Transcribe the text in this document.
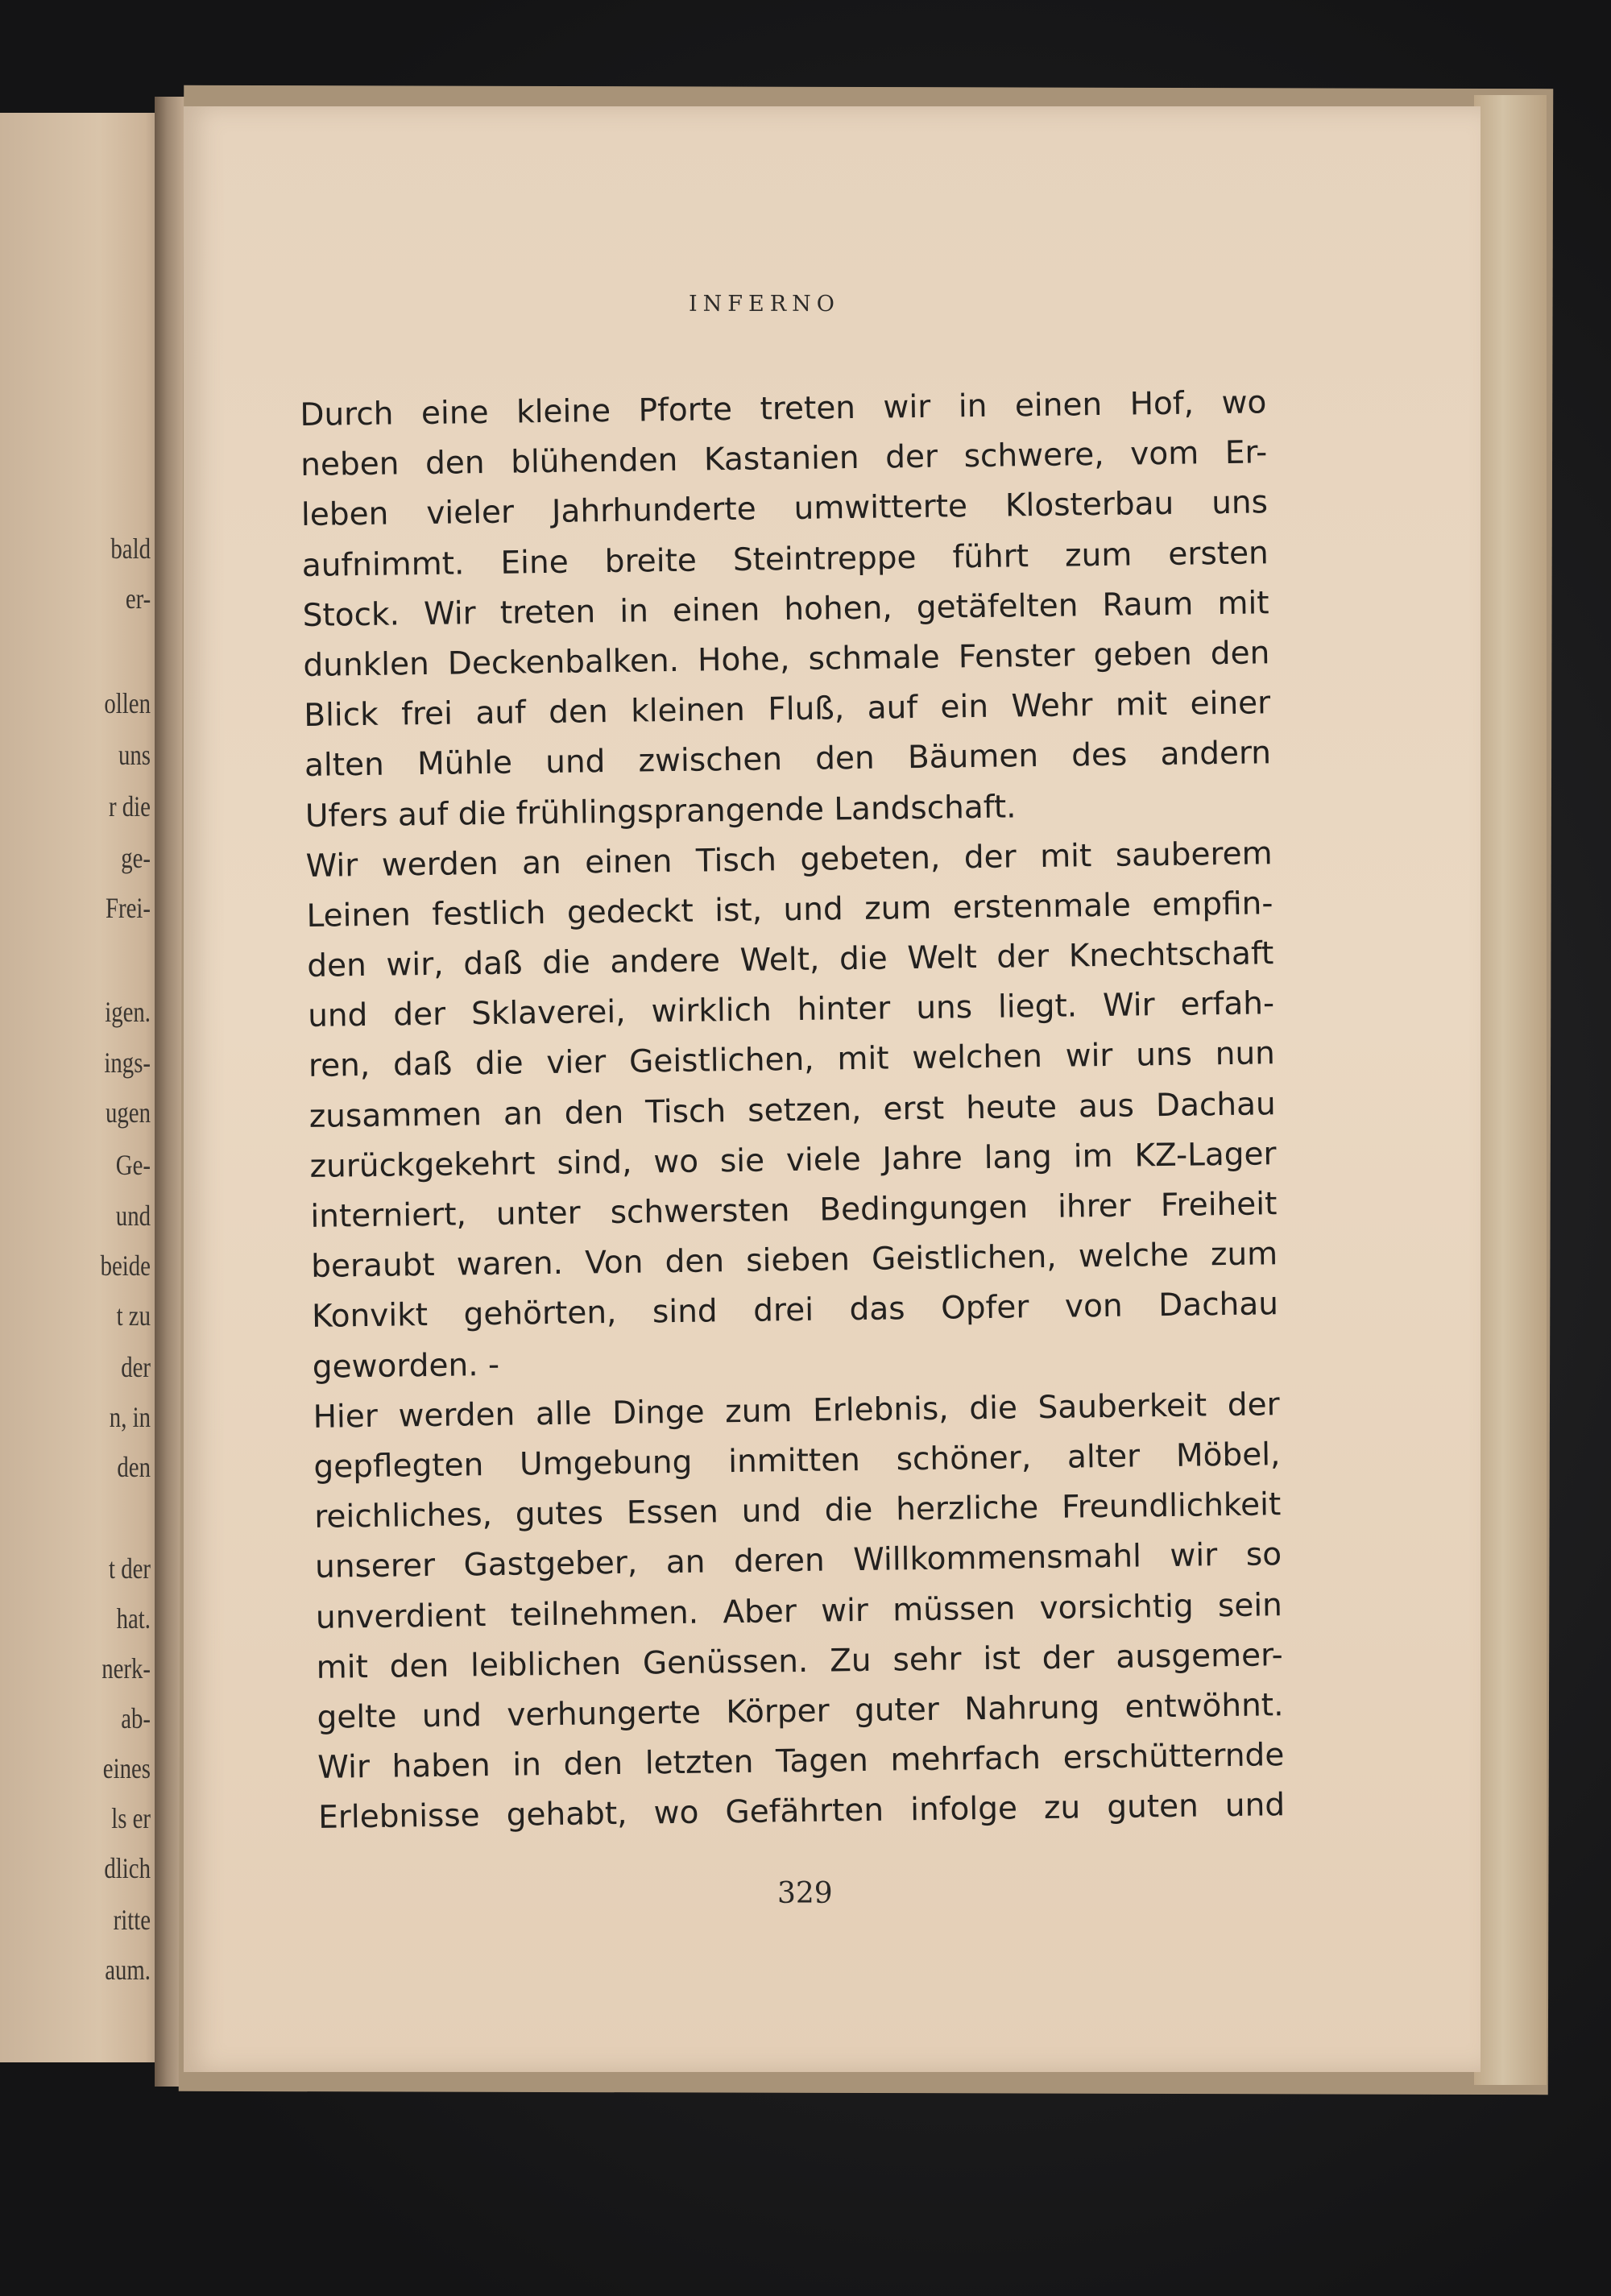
bald
er-
ollen
uns
r die
ge-
Frei-
igen.
ings-
ugen
Ge-
und
beide
t zu
der
n, in
den
t der
hat.
nerk-
ab-
eines
ls er
dlich
ritte
aum.
INFERNO
Durch eine kleine Pforte treten wir in einen Hof, wo
neben den blühenden Kastanien der schwere, vom Er-
leben vieler Jahrhunderte umwitterte Klosterbau uns
aufnimmt. Eine breite Steintreppe führt zum ersten
Stock. Wir treten in einen hohen, getäfelten Raum mit
dunklen Deckenbalken. Hohe, schmale Fenster geben den
Blick frei auf den kleinen Fluß, auf ein Wehr mit einer
alten Mühle und zwischen den Bäumen des andern
Ufers auf die frühlingsprangende Landschaft.
Wir werden an einen Tisch gebeten, der mit sauberem
Leinen festlich gedeckt ist, und zum erstenmale empfin-
den wir, daß die andere Welt, die Welt der Knechtschaft
und der Sklaverei, wirklich hinter uns liegt. Wir erfah-
ren, daß die vier Geistlichen, mit welchen wir uns nun
zusammen an den Tisch setzen, erst heute aus Dachau
zurückgekehrt sind, wo sie viele Jahre lang im KZ-Lager
interniert, unter schwersten Bedingungen ihrer Freiheit
beraubt waren. Von den sieben Geistlichen, welche zum
Konvikt gehörten, sind drei das Opfer von Dachau
geworden. -
Hier werden alle Dinge zum Erlebnis, die Sauberkeit der
gepflegten Umgebung inmitten schöner, alter Möbel,
reichliches, gutes Essen und die herzliche Freundlichkeit
unserer Gastgeber, an deren Willkommensmahl wir so
unverdient teilnehmen. Aber wir müssen vorsichtig sein
mit den leiblichen Genüssen. Zu sehr ist der ausgemer-
gelte und verhungerte Körper guter Nahrung entwöhnt.
Wir haben in den letzten Tagen mehrfach erschütternde
Erlebnisse gehabt, wo Gefährten infolge zu guten und
329
